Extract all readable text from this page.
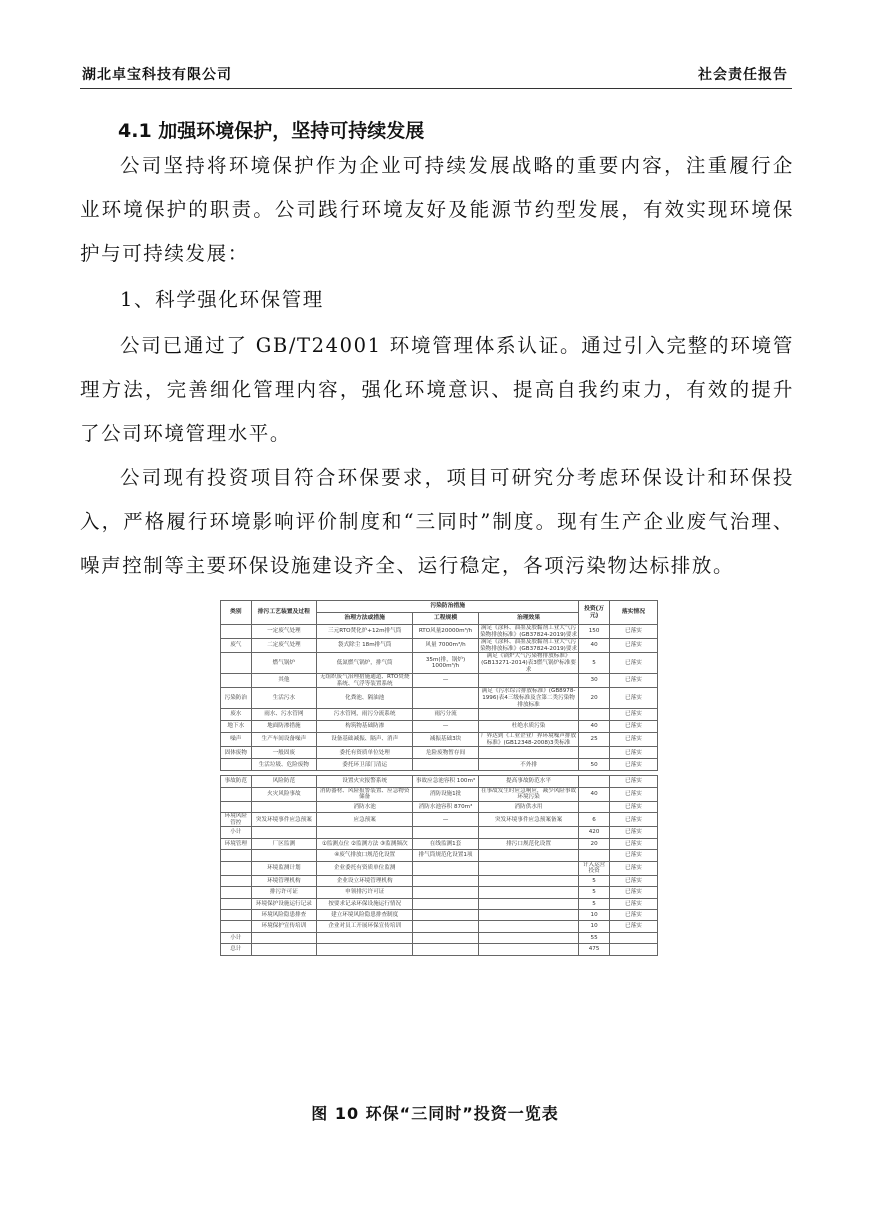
湖北卓宝科技有限公司	社会责任报告
4.1 加强环境保护，坚持可持续发展
公司坚持将环境保护作为企业可持续发展战略的重要内容，注重履行企业环境保护的职责。公司践行环境友好及能源节约型发展，有效实现环境保护与可持续发展：
1、科学强化环保管理
公司已通过了 GB/T24001 环境管理体系认证。通过引入完整的环境管理方法，完善细化管理内容，强化环境意识、提高自我约束力，有效的提升了公司环境管理水平。
公司现有投资项目符合环保要求，项目可研究分考虑环保设计和环保投入，严格履行环境影响评价制度和“三同时”制度。现有生产企业废气治理、噪声控制等主要环保设施建设齐全、运行稳定，各项污染物达标排放。
类别	排污工艺装置及过程	污染防治措施			投资(万元)	落实情况
		治理方法或措施	工程规模	治理效果		
	一定废气处理	三元RTO焚化炉+12m排气筒	RTO风量20000m³/h	满足《涂料、油墨及胶黏剂工业大气污染物排放标准》(GB37824-2019)要求	150	已落实
废气	二定废气处理	袋式除尘 18m排气筒	风量 7000m³/h	满足《涂料、油墨及胶黏剂工业大气污染物排放标准》(GB37824-2019)要求	40	已落实
	燃气锅炉	低氮燃气锅炉，排气筒	35m(排，锅炉) 1000m³/h	满足《锅炉大气污染物排放标准》(GB13271-2014)表3燃气锅炉标准要求	5	已落实
	其他	无组织废气治理措施通道、RTO焚烧系统、气浮等装置系统	—		30	已落实
污染防治	生活污水	化粪池、隔油池		满足《污水综合排放标准》(GB8978-1996)表4三级标准及含第二类污染物排放标准	20	已落实
废水	雨水、污水管网	污水管网，雨污分流系统	雨污分流			已落实
地下水	地面防渗措施	构筑物基础防渗	—	杜绝水质污染	40	已落实
噪声	生产车间设备噪声	设备基础减振、隔声、消声	减振基础3块	厂界达到《工业企业厂界环境噪声排放标准》(GB12348-2008)3类标准	25	已落实
固体废物	一般固废	委托有资质单位处理	危险废物暂存间			已落实
	生活垃圾、危险废物	委托环卫部门清运		不外排	50	已落实
事故防范	风险防范	设置火灾报警系统	事故应急池容积 100m³	提高事故防范水平		已落实
	火灾风险事故	消防器材、风险报警装置、应急物资储备	消防设施1批	在事故发生时应急响应，减少风险事故环境污染	40	已落实
		消防水池	消防水池容积 870m³	消防供水用		已落实
环境风险管控	突发环境事件应急预案	应急预案	—	突发环境事件应急预案备案	6	已落实
小计					420	已落实
环境管理	厂区监测	①监测点位 ②监测方法 ③监测频次	在线监测1套	排污口规范化设置	20	已落实
		④废气排放口规范化设置	排气筒规范化设置1项			已落实
	环境监测计划	企业委托有资质单位监测			计入运营投资	已落实
	环境管理机构	企业设立环境管理机构			5	已落实
	排污许可证	申领排污许可证			5	已落实
	环境保护设施运行记录	按要求记录环保设施运行情况			5	已落实
	环境风险隐患排查	建立环境风险隐患排查制度			10	已落实
	环境保护宣传培训	企业对员工开展环保宣传培训			10	已落实
小计					55	
总计					475	
图 10 环保“三同时”投资一览表
